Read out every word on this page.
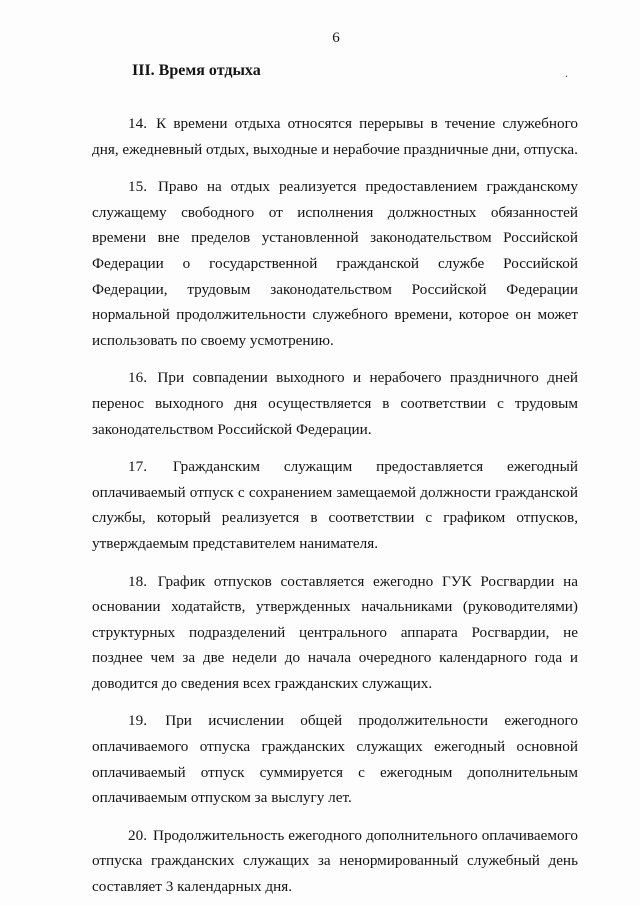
6
III. Время отдыха	.

14. К времени отдыха относятся перерывы в течение служебного дня, ежедневный отдых, выходные и нерабочие праздничные дни, отпуска.

15. Право на отдых реализуется предоставлением гражданскому служащему свободного от исполнения должностных обязанностей времени вне пределов установленной законодательством Российской Федерации о государственной гражданской службе Российской Федерации, трудовым законодательством Российской Федерации нормальной продолжительности служебного времени, которое он может использовать по своему усмотрению.

16. При совпадении выходного и нерабочего праздничного дней перенос выходного дня осуществляется в соответствии с трудовым законодательством Российской Федерации.

17. Гражданским служащим предоставляется ежегодный оплачиваемый отпуск с сохранением замещаемой должности гражданской службы, который реализуется в соответствии с графиком отпусков, утверждаемым представителем нанимателя.

18. График отпусков составляется ежегодно ГУК Росгвардии на основании ходатайств, утвержденных начальниками (руководителями) структурных подразделений центрального аппарата Росгвардии, не позднее чем за две недели до начала очередного календарного года и доводится до сведения всех гражданских служащих.

19. При исчислении общей продолжительности ежегодного оплачиваемого отпуска гражданских служащих ежегодный основной оплачиваемый отпуск суммируется с ежегодным дополнительным оплачиваемым отпуском за выслугу лет.

20. Продолжительность ежегодного дополнительного оплачиваемого отпуска гражданских служащих за ненормированный служебный день составляет 3 календарных дня.
